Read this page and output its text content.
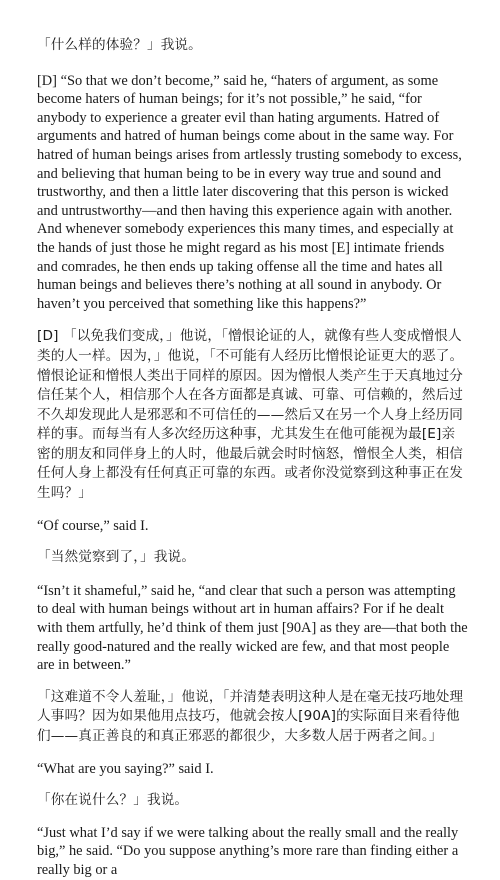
「什么样的体验？」我说。

[D] “So that we don’t become,” said he, “haters of argument, as some become haters of human beings; for it’s not possible,” he said, “for anybody to experience a greater evil than hating arguments. Hatred of arguments and hatred of human beings come about in the same way. For hatred of human beings arises from artlessly trusting somebody to excess, and believing that human being to be in every way true and sound and trustworthy, and then a little later discovering that this person is wicked and untrustworthy—and then having this experience again with another. And whenever somebody experiences this many times, and especially at the hands of just those he might regard as his most [E] intimate friends and comrades, he then ends up taking offense all the time and hates all human beings and believes there’s nothing at all sound in anybody. Or haven’t you perceived that something like this happens?”

[D] 「以免我们变成，」他说，「憎恨论证的人，就像有些人变成憎恨人类的人一样。因为，」他说，「不可能有人经历比憎恨论证更大的恶了。憎恨论证和憎恨人类出于同样的原因。因为憎恨人类产生于天真地过分信任某个人，相信那个人在各方面都是真诚、可靠、可信赖的，然后过不久却发现此人是邪恶和不可信任的——然后又在另一个人身上经历同样的事。而每当有人多次经历这种事，尤其发生在他可能视为最[E]亲密的朋友和同伴身上的人时，他最后就会时时恼怒，憎恨全人类，相信任何人身上都没有任何真正可靠的东西。或者你没觉察到这种事正在发生吗？」

“Of course,” said I.

「当然觉察到了，」我说。

“Isn’t it shameful,” said he, “and clear that such a person was attempting to deal with human beings without art in human affairs? For if he dealt with them artfully, he’d think of them just [90A] as they are—that both the really good-natured and the really wicked are few, and that most people are in between.”

「这难道不令人羞耻，」他说，「并清楚表明这种人是在毫无技巧地处理人事吗？因为如果他用点技巧，他就会按人[90A]的实际面目来看待他们——真正善良的和真正邪恶的都很少，大多数人居于两者之间。」

“What are you saying?” said I.

「你在说什么？」我说。

“Just what I’d say if we were talking about the really small and the really big,” he said. “Do you suppose anything’s more rare than finding either a really big or a
